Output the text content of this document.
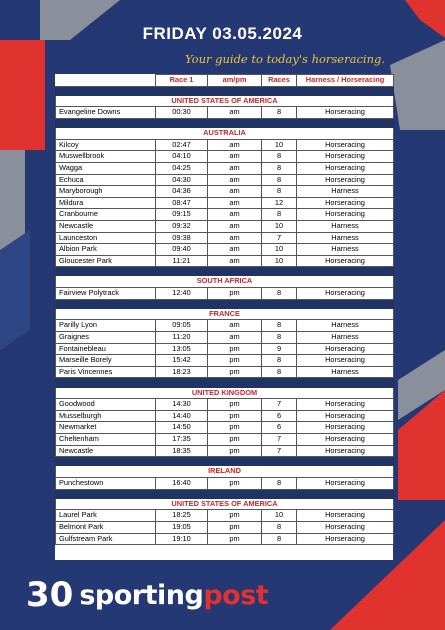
FRIDAY 03.05.2024
Your guide to today's horseracing.
	Race 1	am/pm	Races	Harness / Horseracing

UNITED STATES OF AMERICA				
Evangeline Downs	00:30	am	8	Horseracing

AUSTRALIA				
Kilcoy	02:47	am	10	Horseracing
Muswellbrook	04:10	am	8	Horseracing
Wagga	04:25	am	8	Horseracing
Echuca	04:30	am	8	Horseracing
Maryborough	04:36	am	8	Harness
Mildura	08:47	am	12	Horseracing
Cranbourne	09:15	am	8	Horseracing
Newcastle	09:32	am	10	Harness
Launceston	09:38	am	7	Harness
Albion Park	09:40	am	10	Harness
Gloucester Park	11:21	am	10	Horseracing

SOUTH AFRICA				
Fairview Polytrack	12:40	pm	8	Horseracing

FRANCE				
Parilly Lyon	09:05	am	8	Harness
Graignes	11:20	am	8	Harness
Fontainebleau	13:05	pm	9	Horseracing
Marseille Borely	15:42	pm	8	Horseracing
Paris Vincennes	18:23	pm	8	Harness

UNITED KINGDOM				
Goodwood	14:30	pm	7	Horseracing
Musselburgh	14:40	pm	6	Horseracing
Newmarket	14:50	pm	6	Horseracing
Cheltenham	17:35	pm	7	Horseracing
Newcastle	18:35	pm	7	Horseracing

IRELAND				
Punchestown	16:40	pm	8	Horseracing

UNITED STATES OF AMERICA				
Laurel Park	18:25	pm	10	Horseracing
Belmont Park	19:05	pm	8	Horseracing
Gulfstream Park	19:10	pm	8	Horseracing

30 sportingpost
